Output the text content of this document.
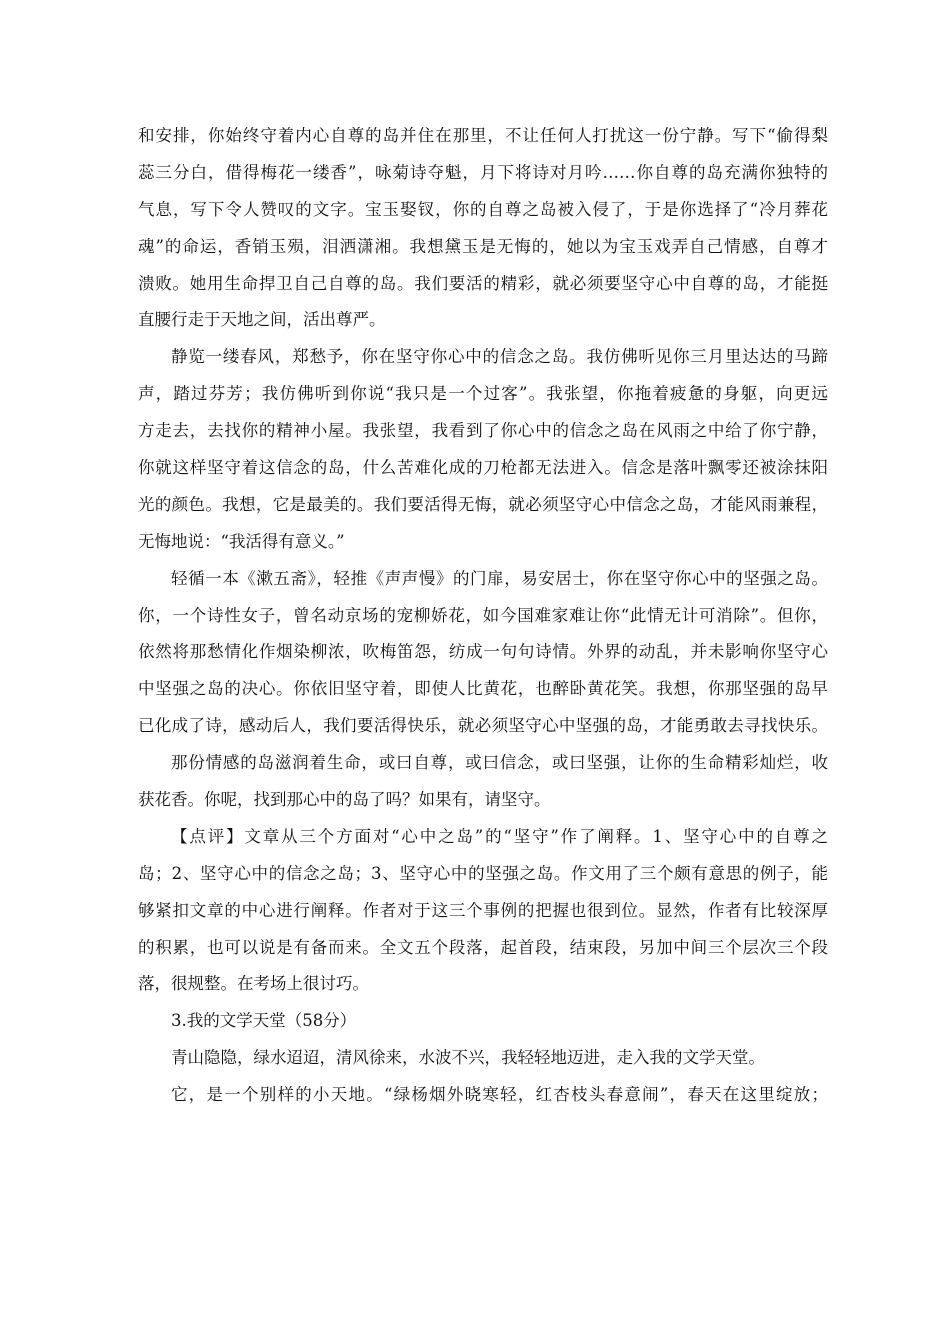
和安排，你始终守着内心自尊的岛并住在那里，不让任何人打扰这一份宁静。写下“偷得梨
蕊三分白，借得梅花一缕香”，咏菊诗夺魁，月下将诗对月吟……你自尊的岛充满你独特的
气息，写下令人赞叹的文字。宝玉娶钗，你的自尊之岛被入侵了，于是你选择了“冷月葬花
魂”的命运，香销玉殒，泪洒潇湘。我想黛玉是无悔的，她以为宝玉戏弄自己情感，自尊才
溃败。她用生命捍卫自己自尊的岛。我们要活的精彩，就必须要坚守心中自尊的岛，才能挺
直腰行走于天地之间，活出尊严。
静览一缕春风，郑愁予，你在坚守你心中的信念之岛。我仿佛听见你三月里达达的马蹄
声，踏过芬芳；我仿佛听到你说“我只是一个过客”。我张望，你拖着疲惫的身躯，向更远
方走去，去找你的精神小屋。我张望，我看到了你心中的信念之岛在风雨之中给了你宁静，
你就这样坚守着这信念的岛，什么苦难化成的刀枪都无法进入。信念是落叶飘零还被涂抹阳
光的颜色。我想，它是最美的。我们要活得无悔，就必须坚守心中信念之岛，才能风雨兼程，
无悔地说：“我活得有意义。”
轻循一本《漱五斋》，轻推《声声慢》的门扉，易安居士，你在坚守你心中的坚强之岛。
你，一个诗性女子，曾名动京场的宠柳娇花，如今国难家难让你“此情无计可消除”。但你，
依然将那愁情化作烟染柳浓，吹梅笛怨，纺成一句句诗情。外界的动乱，并未影响你坚守心
中坚强之岛的决心。你依旧坚守着，即使人比黄花，也醉卧黄花笑。我想，你那坚强的岛早
已化成了诗，感动后人，我们要活得快乐，就必须坚守心中坚强的岛，才能勇敢去寻找快乐。
那份情感的岛滋润着生命，或曰自尊，或曰信念，或曰坚强，让你的生命精彩灿烂，收
获花香。你呢，找到那心中的岛了吗？如果有，请坚守。
【点评】文章从三个方面对“心中之岛”的“坚守”作了阐释。1、坚守心中的自尊之
岛；2、坚守心中的信念之岛；3、坚守心中的坚强之岛。作文用了三个颇有意思的例子，能
够紧扣文章的中心进行阐释。作者对于这三个事例的把握也很到位。显然，作者有比较深厚
的积累，也可以说是有备而来。全文五个段落，起首段，结束段，另加中间三个层次三个段
落，很规整。在考场上很讨巧。
3.我的文学天堂（58分）
青山隐隐，绿水迢迢，清风徐来，水波不兴，我轻轻地迈进，走入我的文学天堂。
它，是一个别样的小天地。“绿杨烟外晓寒轻，红杏枝头春意闹”，春天在这里绽放；
